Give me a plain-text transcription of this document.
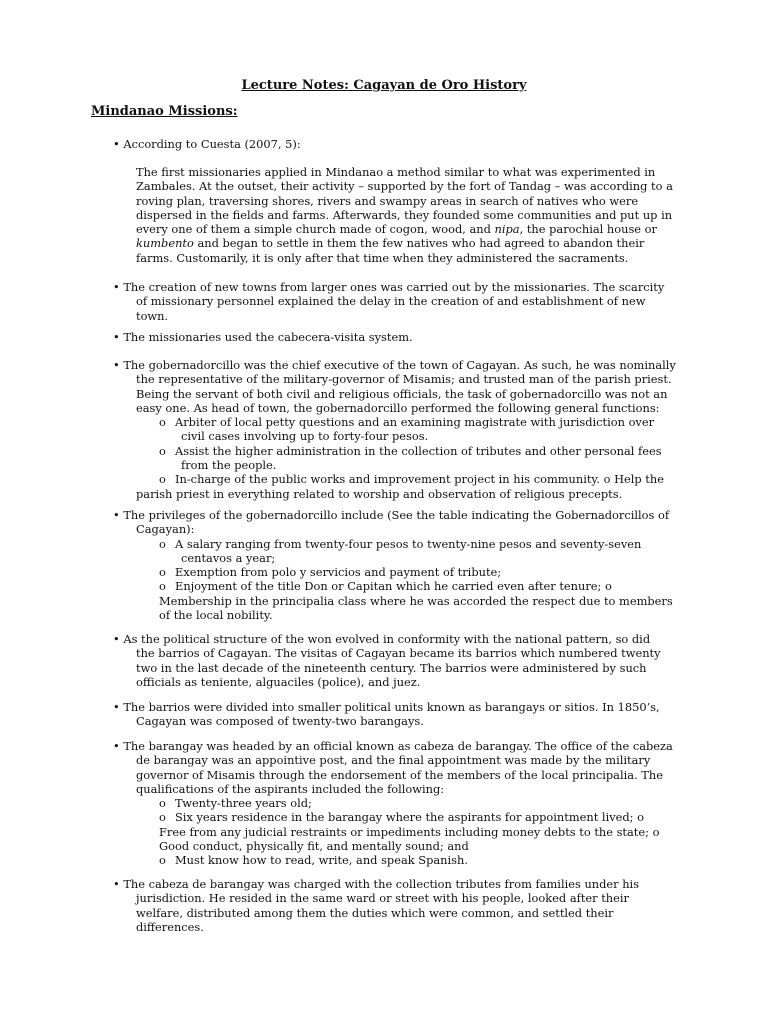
Lecture Notes: Cagayan de Oro History
Mindanao Missions:
• According to Cuesta (2007, 5):
The first missionaries applied in Mindanao a method similar to what was experimented in
Zambales. At the outset, their activity – supported by the fort of Tandag – was according to a
roving plan, traversing shores, rivers and swampy areas in search of natives who were
dispersed in the fields and farms. Afterwards, they founded some communities and put up in
every one of them a simple church made of cogon, wood, and nipa, the parochial house or
kumbento and began to settle in them the few natives who had agreed to abandon their
farms. Customarily, it is only after that time when they administered the sacraments.
• The creation of new towns from larger ones was carried out by the missionaries. The scarcity
of missionary personnel explained the delay in the creation of and establishment of new
town.
• The missionaries used the cabecera-visita system.
• The gobernadorcillo was the chief executive of the town of Cagayan. As such, he was nominally
the representative of the military-governor of Misamis; and trusted man of the parish priest.
Being the servant of both civil and religious officials, the task of gobernadorcillo was not an
easy one. As head of town, the gobernadorcillo performed the following general functions:
o Arbiter of local petty questions and an examining magistrate with jurisdiction over
civil cases involving up to forty-four pesos.
o Assist the higher administration in the collection of tributes and other personal fees
from the people.
o In-charge of the public works and improvement project in his community. o Help the
parish priest in everything related to worship and observation of religious precepts.
• The privileges of the gobernadorcillo include (See the table indicating the Gobernadorcillos of
Cagayan):
o A salary ranging from twenty-four pesos to twenty-nine pesos and seventy-seven
centavos a year;
o Exemption from polo y servicios and payment of tribute;
o Enjoyment of the title Don or Capitan which he carried even after tenure; o
Membership in the principalia class where he was accorded the respect due to members
of the local nobility.
• As the political structure of the won evolved in conformity with the national pattern, so did
the barrios of Cagayan. The visitas of Cagayan became its barrios which numbered twenty
two in the last decade of the nineteenth century. The barrios were administered by such
officials as teniente, alguaciles (police), and juez.
• The barrios were divided into smaller political units known as barangays or sitios. In 1850’s,
Cagayan was composed of twenty-two barangays.
• The barangay was headed by an official known as cabeza de barangay. The office of the cabeza
de barangay was an appointive post, and the final appointment was made by the military
governor of Misamis through the endorsement of the members of the local principalia. The
qualifications of the aspirants included the following:
o Twenty-three years old;
o Six years residence in the barangay where the aspirants for appointment lived; o
Free from any judicial restraints or impediments including money debts to the state; o
Good conduct, physically fit, and mentally sound; and
o Must know how to read, write, and speak Spanish.
• The cabeza de barangay was charged with the collection tributes from families under his
jurisdiction. He resided in the same ward or street with his people, looked after their
welfare, distributed among them the duties which were common, and settled their
differences.
